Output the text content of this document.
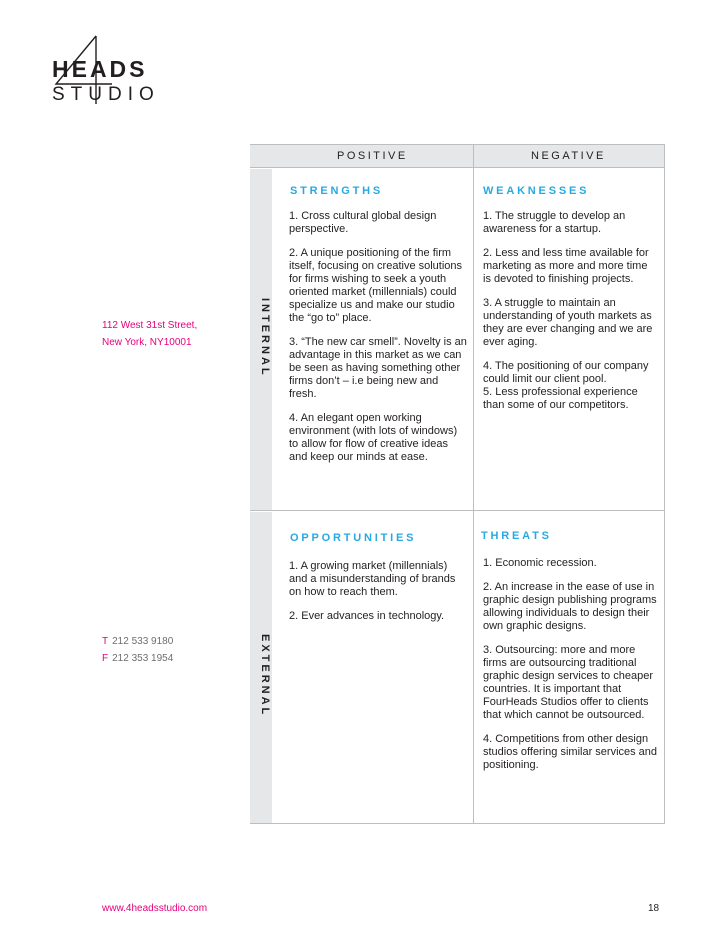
HEADS
STUDIO
112 West 31st Street,
New York, NY10001
T 212 533 9180
F 212 353 1954
POSITIVE	NEGATIVE
INTERNAL
EXTERNAL
STRENGTHS

1. Cross cultural global design perspective.

2. A unique positioning of the firm itself, focusing on creative solutions for firms wishing to seek a youth oriented market (millennials) could specialize us and make our studio the “go to” place.

3. “The new car smell”. Novelty is an advantage in this market as we can be seen as having something other firms don’t – i.e being new and fresh.

4. An elegant open working environment (with lots of windows) to allow for flow of creative ideas and keep our minds at ease.

WEAKNESSES

1. The struggle to develop an awareness for a startup.

2. Less and less time available for marketing as more and more time is devoted to finishing projects.

3. A struggle to maintain an understanding of youth markets as they are ever changing and we are ever aging.

4. The positioning of our company could limit our client pool.

5. Less professional experience than some of our competitors.

OPPORTUNITIES

1. A growing market (millennials) and a misunderstanding of brands on how to reach them.

2. Ever advances in technology.

THREATS

1. Economic recession.

2. An increase in the ease of use in graphic design publishing programs allowing individuals to design their own graphic designs.

3. Outsourcing: more and more firms are outsourcing traditional graphic design services to cheaper countries. It is important that FourHeads Studios offer to clients that which cannot be outsourced.

4. Competitions from other design studios offering similar services and positioning.

www.4headsstudio.com	18
